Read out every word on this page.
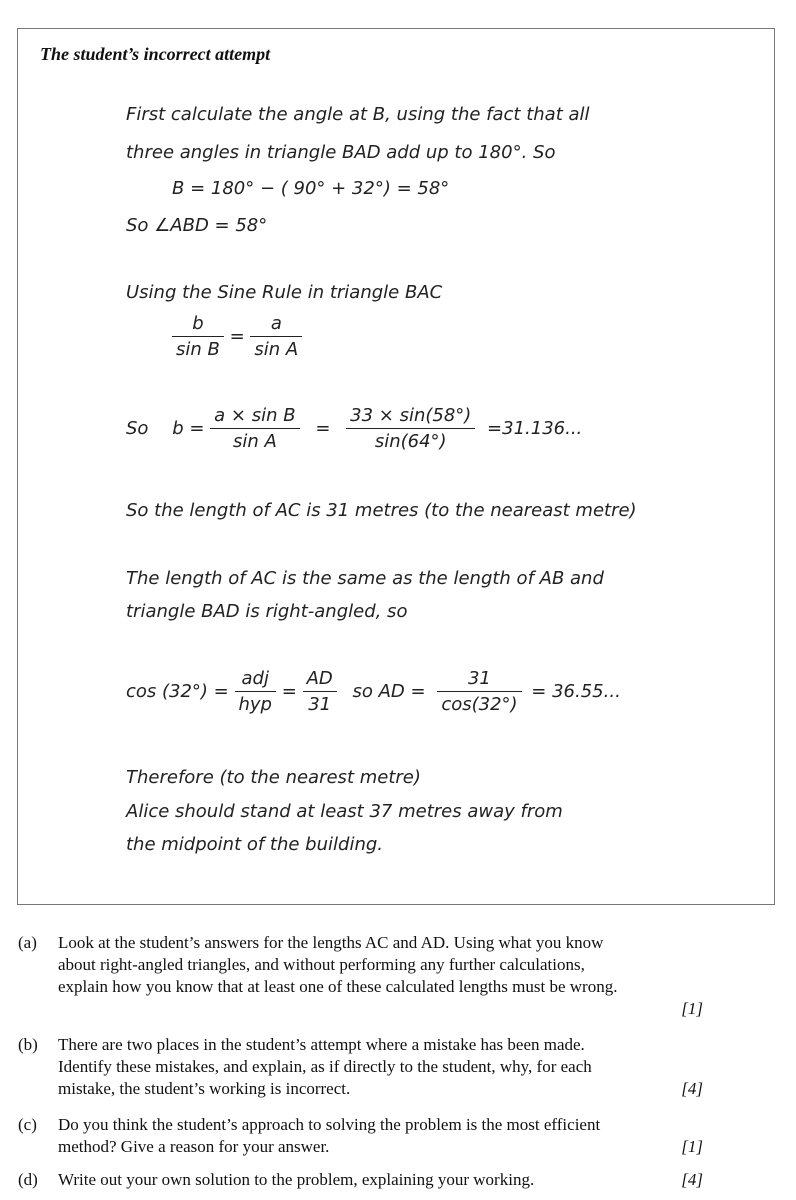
The student’s incorrect attempt
First calculate the angle at B, using the fact that all
three angles in triangle BAD add up to 180°. So
B = 180° − ( 90° + 32°) = 58°
So ∠ABD = 58°
Using the Sine Rule in triangle BAC
$\frac{b}{\text{sin B}} = \frac{a}{\text{sin A}}$
So $b = \frac{\text{a × sin B}}{\text{sin A}} = \frac{33 \times \sin(58^\circ)}{\sin(64^\circ)} =31.136$...
So the length of AC is 31 metres (to the neareast metre)
The length of AC is the same as the length of AB and
triangle BAD is right-angled, so
$\cos (32^\circ) = \frac{\text{adj}}{\text{hyp}} = \frac{AD}{31}$ so AD = $\frac{31}{\cos(32^\circ)} = 36.55$...
Therefore (to the nearest metre)
Alice should stand at least 37 metres away from
the midpoint of the building.
(a) Look at the student’s answers for the lengths AC and AD. Using what you know about right-angled triangles, and without performing any further calculations, explain how you know that at least one of these calculated lengths must be wrong.
[1]
(b) There are two places in the student’s attempt where a mistake has been made. Identify these mistakes, and explain, as if directly to the student, why, for each mistake, the student’s working is incorrect.	[4]
(c) Do you think the student’s approach to solving the problem is the most efficient method? Give a reason for your answer.	[1]
(d) Write out your own solution to the problem, explaining your working.	[4]
